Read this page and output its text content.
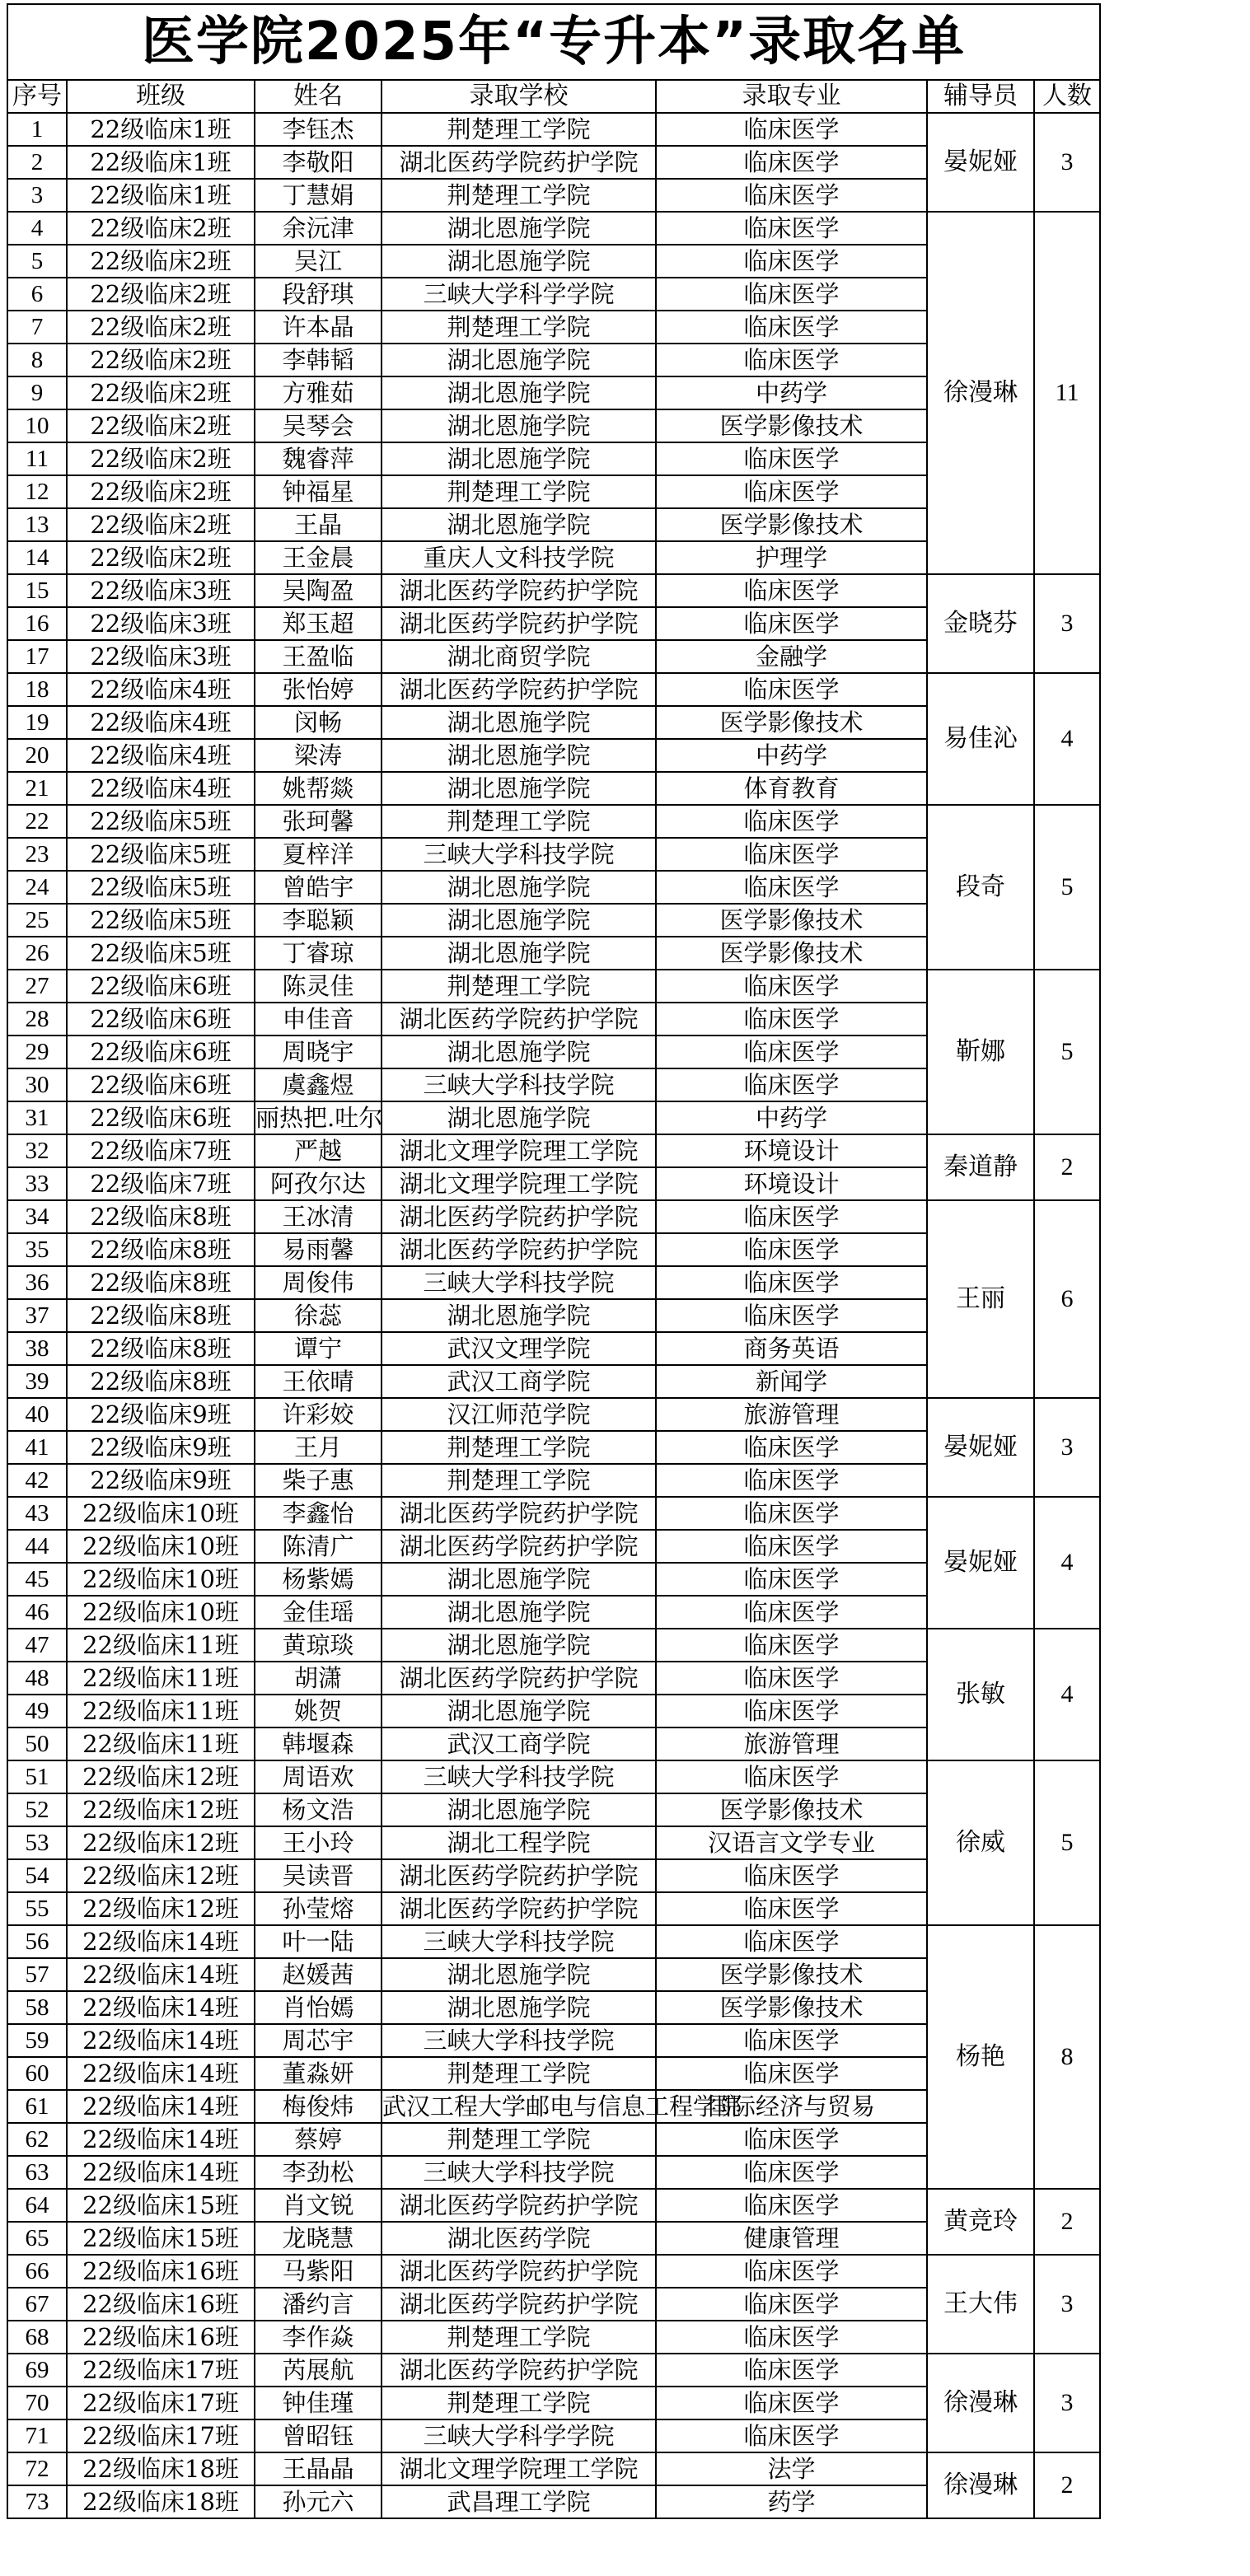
医学院2025年“专升本”录取名单							
序号	班级	姓名	录取学校	录取专业	辅导员	人数	
1	22级临床1班	李钰杰	荆楚理工学院	临床医学	晏妮娅	3	
2	22级临床1班	李敬阳	湖北医药学院药护学院	临床医学			
3	22级临床1班	丁慧娟	荆楚理工学院	临床医学			
4	22级临床2班	余沅津	湖北恩施学院	临床医学	徐漫琳	11	
5	22级临床2班	吴江	湖北恩施学院	临床医学			
6	22级临床2班	段舒琪	三峡大学科学学院	临床医学			
7	22级临床2班	许本晶	荆楚理工学院	临床医学			
8	22级临床2班	李韩韬	湖北恩施学院	临床医学			
9	22级临床2班	方雅茹	湖北恩施学院	中药学			
10	22级临床2班	吴琴会	湖北恩施学院	医学影像技术			
11	22级临床2班	魏睿萍	湖北恩施学院	临床医学			
12	22级临床2班	钟福星	荆楚理工学院	临床医学			
13	22级临床2班	王晶	湖北恩施学院	医学影像技术			
14	22级临床2班	王金晨	重庆人文科技学院	护理学			
15	22级临床3班	吴陶盈	湖北医药学院药护学院	临床医学	金晓芬	3	
16	22级临床3班	郑玉超	湖北医药学院药护学院	临床医学			
17	22级临床3班	王盈临	湖北商贸学院	金融学			
18	22级临床4班	张怡婷	湖北医药学院药护学院	临床医学	易佳沁	4	
19	22级临床4班	闵畅	湖北恩施学院	医学影像技术			
20	22级临床4班	梁涛	湖北恩施学院	中药学			
21	22级临床4班	姚帮燚	湖北恩施学院	体育教育			
22	22级临床5班	张珂馨	荆楚理工学院	临床医学	段奇	5	
23	22级临床5班	夏梓洋	三峡大学科技学院	临床医学			
24	22级临床5班	曾皓宇	湖北恩施学院	临床医学			
25	22级临床5班	李聪颖	湖北恩施学院	医学影像技术			
26	22级临床5班	丁睿琼	湖北恩施学院	医学影像技术			
27	22级临床6班	陈灵佳	荆楚理工学院	临床医学	靳娜	5	
28	22级临床6班	申佳音	湖北医药学院药护学院	临床医学			
29	22级临床6班	周晓宇	湖北恩施学院	临床医学			
30	22级临床6班	虞鑫煜	三峡大学科技学院	临床医学			
31	22级临床6班	丽热把.吐尔	湖北恩施学院	中药学			
32	22级临床7班	严越	湖北文理学院理工学院	环境设计	秦道静	2	
33	22级临床7班	阿孜尔达	湖北文理学院理工学院	环境设计			
34	22级临床8班	王冰清	湖北医药学院药护学院	临床医学	王丽	6	
35	22级临床8班	易雨馨	湖北医药学院药护学院	临床医学			
36	22级临床8班	周俊伟	三峡大学科技学院	临床医学			
37	22级临床8班	徐蕊	湖北恩施学院	临床医学			
38	22级临床8班	谭宁	武汉文理学院	商务英语			
39	22级临床8班	王依晴	武汉工商学院	新闻学			
40	22级临床9班	许彩姣	汉江师范学院	旅游管理	晏妮娅	3	
41	22级临床9班	王月	荆楚理工学院	临床医学			
42	22级临床9班	柴子惠	荆楚理工学院	临床医学			
43	22级临床10班	李鑫怡	湖北医药学院药护学院	临床医学	晏妮娅	4	
44	22级临床10班	陈清广	湖北医药学院药护学院	临床医学			
45	22级临床10班	杨紫嫣	湖北恩施学院	临床医学			
46	22级临床10班	金佳瑶	湖北恩施学院	临床医学			
47	22级临床11班	黄琼琰	湖北恩施学院	临床医学	张敏	4	
48	22级临床11班	胡潇	湖北医药学院药护学院	临床医学			
49	22级临床11班	姚贺	湖北恩施学院	临床医学			
50	22级临床11班	韩堰森	武汉工商学院	旅游管理			
51	22级临床12班	周语欢	三峡大学科技学院	临床医学	徐威	5	
52	22级临床12班	杨文浩	湖北恩施学院	医学影像技术			
53	22级临床12班	王小玲	湖北工程学院	汉语言文学专业			
54	22级临床12班	吴读晋	湖北医药学院药护学院	临床医学			
55	22级临床12班	孙莹熔	湖北医药学院药护学院	临床医学			
56	22级临床14班	叶一陆	三峡大学科技学院	临床医学	杨艳	8	
57	22级临床14班	赵媛茜	湖北恩施学院	医学影像技术			
58	22级临床14班	肖怡嫣	湖北恩施学院	医学影像技术			
59	22级临床14班	周芯宇	三峡大学科技学院	临床医学			
60	22级临床14班	董淼妍	荆楚理工学院	临床医学			
61	22级临床14班	梅俊炜	武汉工程大学邮电与信息工程学院	国际经济与贸易			
62	22级临床14班	蔡婷	荆楚理工学院	临床医学			
63	22级临床14班	李劲松	三峡大学科技学院	临床医学			
64	22级临床15班	肖文锐	湖北医药学院药护学院	临床医学	黄竞玲	2	
65	22级临床15班	龙晓慧	湖北医药学院	健康管理			
66	22级临床16班	马紫阳	湖北医药学院药护学院	临床医学	王大伟	3	
67	22级临床16班	潘约言	湖北医药学院药护学院	临床医学			
68	22级临床16班	李作焱	荆楚理工学院	临床医学			
69	22级临床17班	芮展航	湖北医药学院药护学院	临床医学	徐漫琳	3	
70	22级临床17班	钟佳瑾	荆楚理工学院	临床医学			
71	22级临床17班	曾昭钰	三峡大学科学学院	临床医学			
72	22级临床18班	王晶晶	湖北文理学院理工学院	法学	徐漫琳	2	
73	22级临床18班	孙元六	武昌理工学院	药学			
